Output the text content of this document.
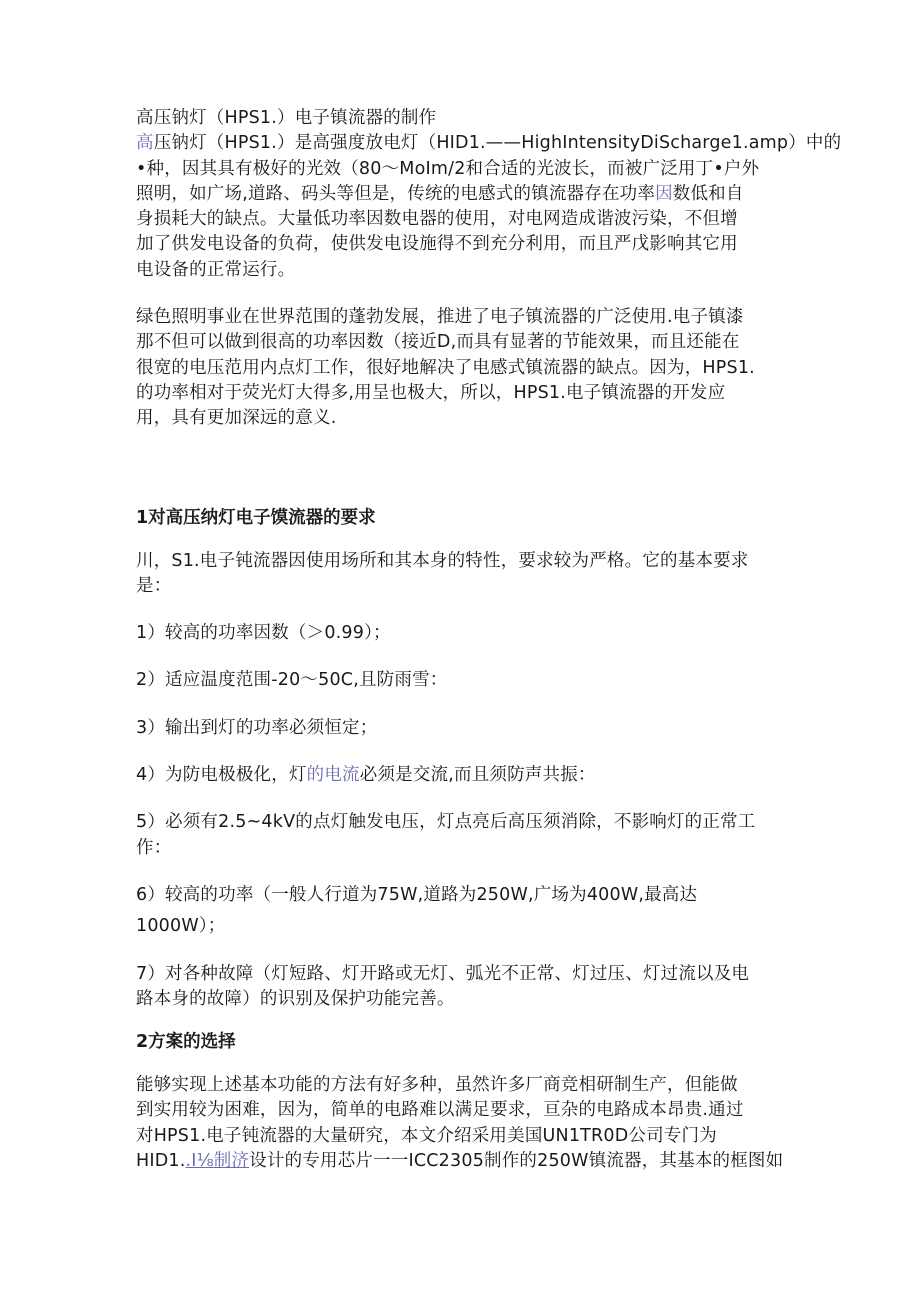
高压钠灯（HPS1.）电子镇流器的制作

高压钠灯（HPS1.）是高强度放电灯（HID1.——HighIntensityDiScharge1.amp）中的
•种，因其具有极好的光效（80〜MoIm/2和合适的光波长，而被广泛用丁•户外
照明，如广场,道路、码头等但是，传统的电感式的镇流器存在功率因数低和自
身损耗大的缺点。大量低功率因数电器的使用，对电网造成谐波污染，不但增
加了供发电设备的负荷，使供发电设施得不到充分利用，而且严戊影响其它用
电设备的正常运行。

绿色照明事业在世界范围的蓬勃发展，推进了电子镇流器的广泛使用.电子镇漆
那不但可以做到很高的功率因数（接近D,而具有显著的节能效果，而且还能在
很宽的电压范用内点灯工作，很好地解决了电感式镇流器的缺点。因为，HPS1.
的功率相对于荧光灯大得多,用呈也极大，所以，HPS1.电子镇流器的开发应
用，具有更加深远的意义.

1对高压纳灯电子馍流器的要求

川，S1.电子钝流器因使用场所和其本身的特性，要求较为严格。它的基本要求
是：

1）较高的功率因数（＞0.99）；

2）适应温度范围-20〜50C,且防雨雪：

3）输出到灯的功率必须恒定；

4）为防电极极化，灯的电流必须是交流,而且须防声共振：

5）必须有2.5~4kV的点灯触发电压，灯点亮后高压须消除，不影响灯的正常工
作：

6）较高的功率（一般人行道为75W,道路为250W,广场为400W,最高达
1000W）；

7）对各种故障（灯短路、灯开路或无灯、弧光不正常、灯过压、灯过流以及电
路本身的故障）的识别及保护功能完善。

2方案的选择

能够实现上述基本功能的方法有好多种，虽然许多厂商竞相研制生产，但能做
到实用较为困难，因为，简单的电路难以满足要求，亘杂的电路成本昂贵.通过
对HPS1.电子钝流器的大量研究，本文介绍采用美国UN1TR0D公司专门为
HID1..I⅛制济设计的专用芯片一一ICC2305制作的250W镇流器，其基本的框图如
